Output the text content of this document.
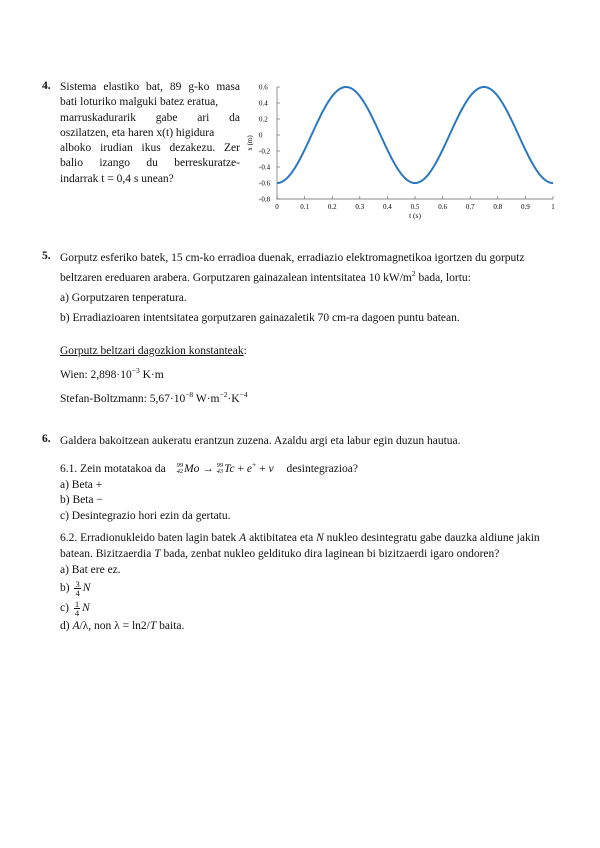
4. Sistema elastiko bat, 89 g-ko masa
bati loturiko malguki batez eratua,
marruskadurarik gabe ari da
oszilatzen, eta haren x(t) higidura
alboko irudian ikus dezakezu. Zer
balio izango du berreskuratze-
indarrak t = 0,4 s unean?
0.6
0.4
0.2
0
-0.2
-0.4
-0.6
-0.8
0	0.1	0.2	0.3	0.4	0.5	0.6	0.7	0.8	0.9	1
t (s)
x (m)
5. Gorputz esferiko batek, 15 cm-ko erradioa duenak, erradiazio elektromagnetikoa igortzen du gorputz
beltzaren ereduaren arabera. Gorputzaren gainazalean intentsitatea 10 $kW/m^2$ bada, lortu:
a) Gorputzaren tenperatura.
b) Erradiazioaren intentsitatea gorputzaren gainazaletik 70 cm-ra dagoen puntu batean.
Gorputz beltzari dagozkion konstanteak:
Wien: $2,898\cdot 10^{-3}$ K·m
Stefan-Boltzmann: $5,67\cdot 10^{-8}$ $W\cdot m^{-2}\cdot K^{-4}$
6. Galdera bakoitzean aukeratu erantzun zuzena. Azaldu argi eta labur egin duzun hautua.
6.1. Zein motatakoa da 99
42 Mo → 99
43 Tc + e+ + ν desintegrazioa?
a) Beta +
b) Beta −
c) Desintegrazio hori ezin da gertatu.
6.2. Erradionukleido baten lagin batek A aktibitatea eta N nukleo desintegratu gabe dauzka aldiune jakin
batean. Bizitzaerdia T bada, zenbat nukleo geldituko dira laginean bi bizitzaerdi igaro ondoren?
a) Bat ere ez.
$b) \frac{3}{4}$ N
$c) \frac{1}{4}$ N
d) A/λ, non λ = ln2/T baita.
